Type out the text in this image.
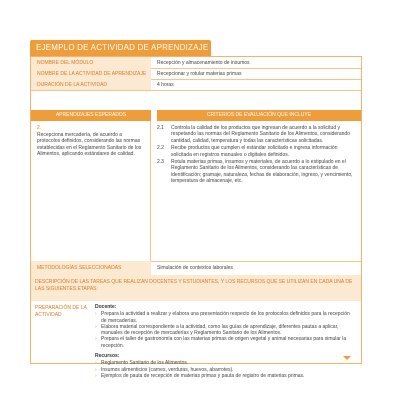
EJEMPLO DE ACTIVIDAD DE APRENDIZAJE
NOMBRE DEL MÓDULO	Recepción y almacenamiento de insumos
NOMBRE DE LA ACTIVIDAD DE APRENDIZAJE	Recepcionar y rotular materias primas
DURACIÓN DE LA ACTIVIDAD	4 horas
APRENDIZAJES ESPERADOS	CRITERIOS DE EVALUACIÓN QUE INCLUYE
2.
Recepciona mercadería, de acuerdo a protocolos definidos, considerando las normas establecidas en el Reglamento Sanitario de los Alimentos, aplicando estándares de calidad.
2.1	Controla la calidad de los productos que ingresan de acuerdo a la solicitud y respetando las normas del Reglamento Sanitario de los Alimentos, considerando cantidad, calidad, temperatura y todas las características solicitadas.
2.2	Recibe productos que cumplen el estándar solicitado e ingresa información solicitada en registros manuales o digitales definidos.
2.3	Rotula materias primas, insumos y materiales, de acuerdo a lo estipulado en el Reglamento Sanitario de los Alimentos, considerando las características de identificación; gramaje, naturaleza, fechas de elaboración, ingreso, y vencimiento, temperatura de almacenaje, etc.
METODOLOGÍAS SELECCIONADAS	Simulación de contextos laborales
DESCRIPCIÓN DE LAS TAREAS QUE REALIZAN DOCENTES Y ESTUDIANTES, Y LOS RECURSOS QUE SE UTILIZAN EN CADA UNA DE LAS SIGUIENTES ETAPAS:
PREPARACIÓN DE LA ACTIVIDAD
Docente:
› Prepara la actividad a realizar y elabora una presentación respecto de los protocolos definidos para la recepción de mercaderías.
› Elabora material correspondiente a la actividad, como las guías de aprendizaje, diferentes pautas a aplicar, manuales de recepción de mercaderías y Reglamento Sanitario de los Alimentos.
› Prepara el taller de gastronomía con las materias primas de origen vegetal y animal necesarias para simular la recepción.
Recursos:
› Reglamento Sanitario de los Alimentos.
› Insumos alimenticios (carnes, verduras, huevos, abarrotes).
› Ejemplos de pauta de recepción de materias primas y pauta de registro de materias primas.
